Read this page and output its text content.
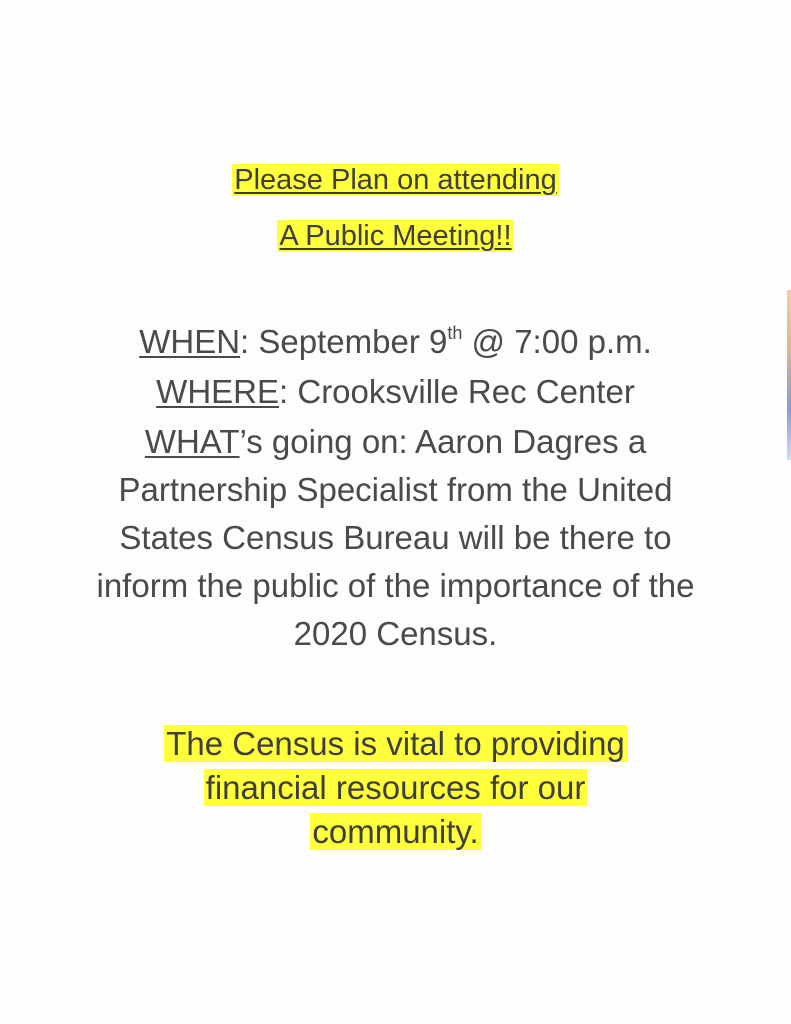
Please Plan on attending
A Public Meeting!!

WHEN: September 9th @ 7:00 p.m.

WHERE: Crooksville Rec Center

WHAT’s going on: Aaron Dagres a Partnership Specialist from the United States Census Bureau will be there to inform the public of the importance of the 2020 Census.

The Census is vital to providing
financial resources for our
community.
